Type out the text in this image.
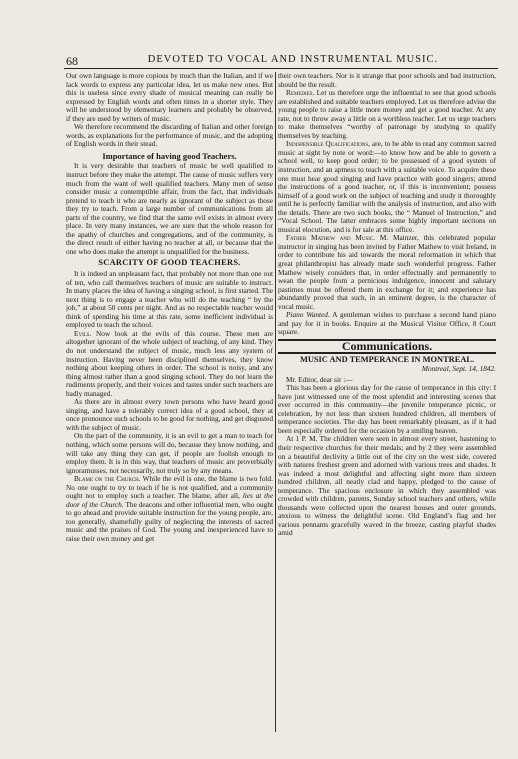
68	DEVOTED TO VOCAL AND INSTRUMENTAL MUSIC.

Our own language is more copious by much than the Italian, and if we lack words to express any particular idea, let us make new ones. But this is useless since every shade of musical meaning can really be expressed by English words and often times in a shorter style. They will be understood by elementary learners and probably be observed, if they are used by writers of music.

We therefore recommend the discarding of Italian and other foreign words, as explanations for the performance of music, and the adopting of English words in their stead.

Importance of having good Teachers.

It is very desirable that teachers of music be well qualified to instruct before they make the attempt. The cause of music suffers very much from the want of well qualified teachers. Many men of sense consider music a contemptible affair, from the fact, that individuals pretend to teach it who are nearly as ignorant of the subject as those they try to teach. From a large number of communications from all parts of the country, we find that the same evil exists in almost every place. In very many instances, we are sure that the whole reason for the apathy of churches and congregations, and of the community, is the direct result of either having no teacher at all, or because that the one who does make the attempt is unqualified for the business.

SCARCITY OF GOOD TEACHERS.

It is indeed an unpleasant fact, that probably not more than one out of ten, who call themselves teachers of music are suitable to instruct. In many places the idea of having a singing school, is first started. The next thing is to engage a teacher who will do the teaching “ by the job,” at about 50 cents per night. And as no respectable teacher would think of spending his time at this rate, some inefficient individual is employed to teach the school.

Evils. Now look at the evils of this course. These men are altogether ignorant of the whole subject of teaching, of any kind. They do not understand the subject of music, much less any system of instruction. Having never been disciplined themselves, they know nothing about keeping others in order. The school is noisy, and any thing almost rather than a good singing school. They do not learn the rudiments properly, and their voices and tastes under such teachers are badly managed.

As there are in almost every town persons who have heard good singing, and have a tolerably correct idea of a good school, they at once pronounce such schools to be good for nothing, and get disgusted with the subject of music.

On the part of the community, it is an evil to get a man to teach for nothing, which some persons will do, because they know nothing, and will take any thing they can get, if people are foolish enough to employ them. It is in this way, that teachers of music are proverbially ignoramusses, not necessarily, not truly so by any means.

Blame on the Church. While the evil is one, the blame is two fold. No one ought to try to teach if he is not qualified, and a community ought not to employ such a teacher. The blame, after all, lies at the door of the Church. The deacons and other influential men, who ought to go ahead and provide suitable instruction for the young people, are, too generally, shamefully guilty of neglecting the interests of sacred music and the praises of God. The young and inexperienced have to raise their own money and get

their own teachers. Nor is it strange that poor schools and bad instruction, should be the result.

Remedies. Let us therefore urge the influential to see that good schools are established and suitable teachers employed. Let us therefore advise the young people to raise a little more money and get a good teacher. At any rate, not to throw away a little on a worthless teacher. Let us urge teachers to make themselves “worthy of patronage by studying to qualify themselves by teaching.

Indispensible Qualifications, are, to be able to read any common sacred music at sight by note or word:—to know how and be able to govern a school well, to keep good order; to be possessed of a good system of instruction, and an aptness to teach with a suitable voice. To acquire these one must hear good singing and have practice with good singers; attend the instructions of a good teacher, or, if this is inconvenient; possess himself of a good work on the subject of teaching and study it thoroughly until he is perfectly familiar with the analysis of instruction, and also with the details. There are two such books, the “ Manuel of Instruction,” and “Vocal School. The latter embraces some highly important sections on musical elocution, and is for sale at this office.

Father Mathew and Music. M. Mainzer, this celebrated popular instructor in singing has been invited by Father Mathew to visit Ireland, in order to contribute his aid towards the moral reformation in which that great philanthropist has already made such wonderful progress. Father Mathew wisely considers that, in order effectually and permanently to wean the people from a pernicious indulgence, innocent and salutary pastimes must be offered them in exchange for it; and experience has abundantly proved that such, in an eminent degree, is the character of vocal music.

Piano Wanted. A gentleman wishes to purchase a second hand piano and pay for it in books. Enquire at the Musical Visitor Office, 8 Court square.

Communications.
MUSIC AND TEMPERANCE IN MONTREAL.
Montreal, Sept. 14, 1842.

Mr. Editor, dear sir :—

This has been a glorious day for the cause of temperance in this city: I have just witnessed one of the most splendid and interesting scenes that ever occurred in this community—the juvenile temperance picnic, or celebration, by not less than sixteen hundred children, all members of temperance societies. The day has been remarkably pleasant, as if it had been especially ordered for the occasion by a smiling heaven.

At 1 P. M. The children were seen in almost every street, hastening to their respective churches for their medals; and by 2 they were assembled on a beautiful declivity a little out of the city on the west side, covered with natures freshest green and adorned with various trees and shades. It was indeed a most delightful and affecting sight more than sixteen hundred children, all neatly clad and happy, pledged to the cause of temperance. The spacious enclosure in which they assembled was crowded with children, parents, Sunday school teachers and others, while thousands were collected upon the nearest houses and outer grounds, anxious to witness the delightful scene. Old England’s flag and her various pennants gracefully waved in the breeze, casting playful shades amid
